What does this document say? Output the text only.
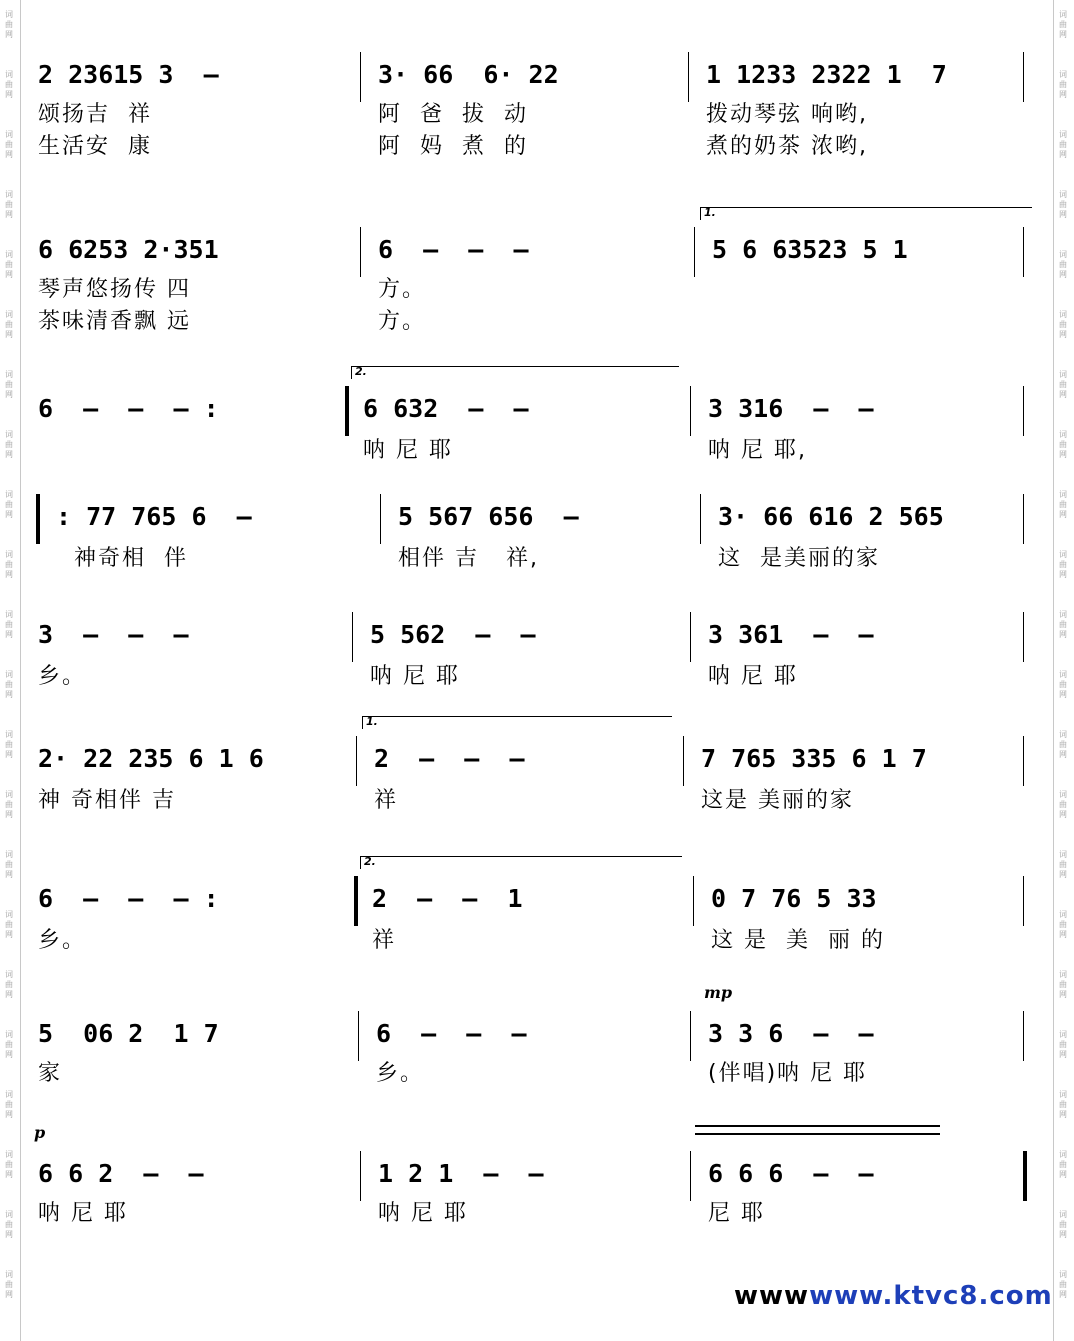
词
曲
网
词
曲
网
词
曲
网
词
曲
网
词
曲
网
词
曲
网
词
曲
网
词
曲
网
词
曲
网
词
曲
网
词
曲
网
词
曲
网
词
曲
网
词
曲
网
词
曲
网
词
曲
网
词
曲
网
词
曲
网
词
曲
网
词
曲
网
词
曲
网
词
曲
网
词
曲
网
词
曲
网
词
曲
网
词
曲
网
词
曲
网
词
曲
网
词
曲
网
词
曲
网
词
曲
网
词
曲
网
词
曲
网
词
曲
网
词
曲
网
词
曲
网
词
曲
网
词
曲
网
词
曲
网
词
曲
网
词
曲
网
词
曲
网
词
曲
网
词
曲
网
2 23615 3  –
颂扬吉  祥
生活安  康
3· 66  6· 22
阿  爸  拔  动
阿  妈  煮  的
1 1233 2322 1  7
拨动琴弦 响哟,
煮的奶茶 浓哟,
6 6253 2·351
琴声悠扬传 四
茶味清香飘 远
6  –  –  –
方。
方。
1.
5 6 63523 5 1
6  –  –  – :
2.
6 632  –  –
呐 尼 耶
3 316  –  –
呐 尼 耶,
: 77 765 6  –
神奇相  伴
5 567 656  –
相伴 吉   祥,
3· 66 616 2 565
这  是美丽的家
3  –  –  –
乡。
5 562  –  –
呐 尼 耶
3 361  –  –
呐 尼 耶
2· 22 235 6 1 6
神 奇相伴 吉
1.
2  –  –  –
祥
7 765 335 6 1 7
这是 美丽的家
6  –  –  – :
乡。
2.
2  –  –  1
祥
0 7 76 5 33
这 是  美  丽 的
5  06 2  1 7
家
6  –  –  –
乡。
mp
3 3 6  –  –
(伴唱)呐 尼 耶
p
6 6 2  –  –
呐 尼 耶
1 2 1  –  –
呐 尼 耶
6 6 6  –  –
尼 耶
wwwwww.ktvc8.com
